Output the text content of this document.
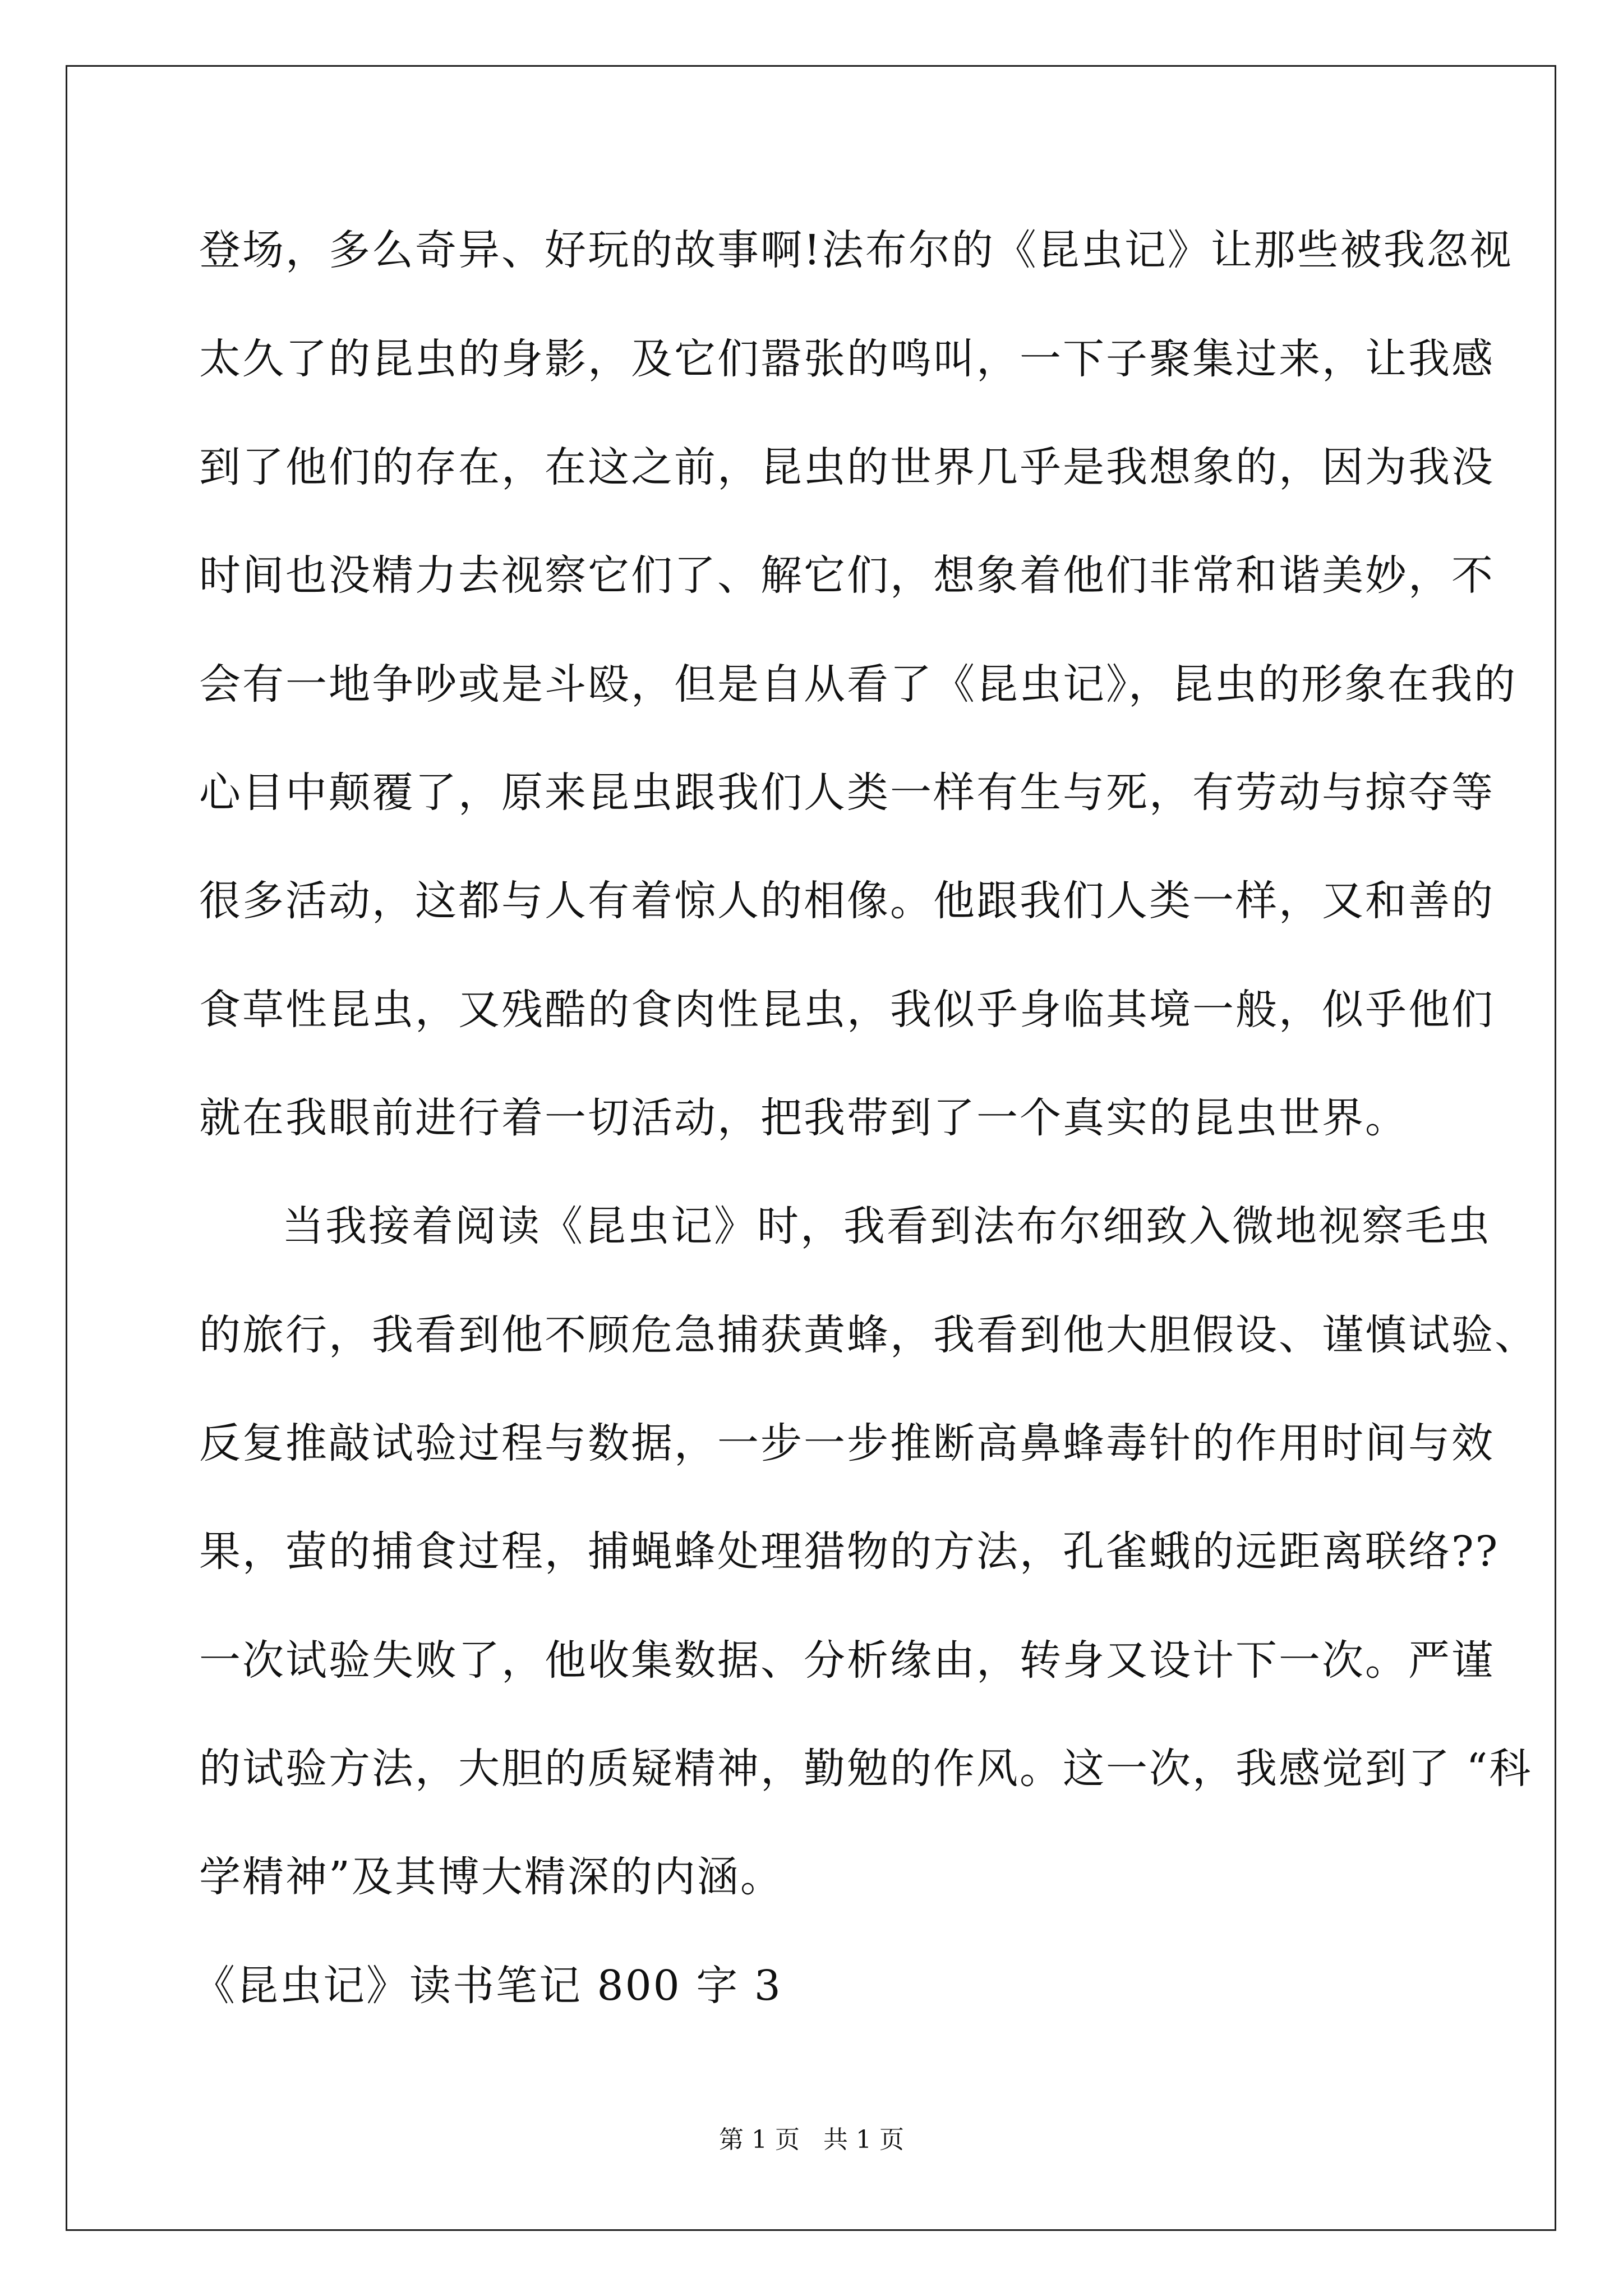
登场，多么奇异、好玩的故事啊!法布尔的《昆虫记》让那些被我忽视
太久了的昆虫的身影，及它们嚣张的鸣叫，一下子聚集过来，让我感
到了他们的存在，在这之前，昆虫的世界几乎是我想象的，因为我没
时间也没精力去视察它们了、解它们，想象着他们非常和谐美妙，不
会有一地争吵或是斗殴，但是自从看了《昆虫记》，昆虫的形象在我的
心目中颠覆了，原来昆虫跟我们人类一样有生与死，有劳动与掠夺等
很多活动，这都与人有着惊人的相像。他跟我们人类一样，又和善的
食草性昆虫，又残酷的食肉性昆虫，我似乎身临其境一般，似乎他们
就在我眼前进行着一切活动，把我带到了一个真实的昆虫世界。
当我接着阅读《昆虫记》时，我看到法布尔细致入微地视察毛虫
的旅行，我看到他不顾危急捕获黄蜂，我看到他大胆假设、谨慎试验、
反复推敲试验过程与数据，一步一步推断高鼻蜂毒针的作用时间与效
果，萤的捕食过程，捕蝇蜂处理猎物的方法，孔雀蛾的远距离联络??
一次试验失败了，他收集数据、分析缘由，转身又设计下一次。严谨
的试验方法，大胆的质疑精神，勤勉的作风。这一次，我感觉到了 “科
学精神”及其博大精深的内涵。
《昆虫记》读书笔记 800 字 3
第 1 页   共 1 页
